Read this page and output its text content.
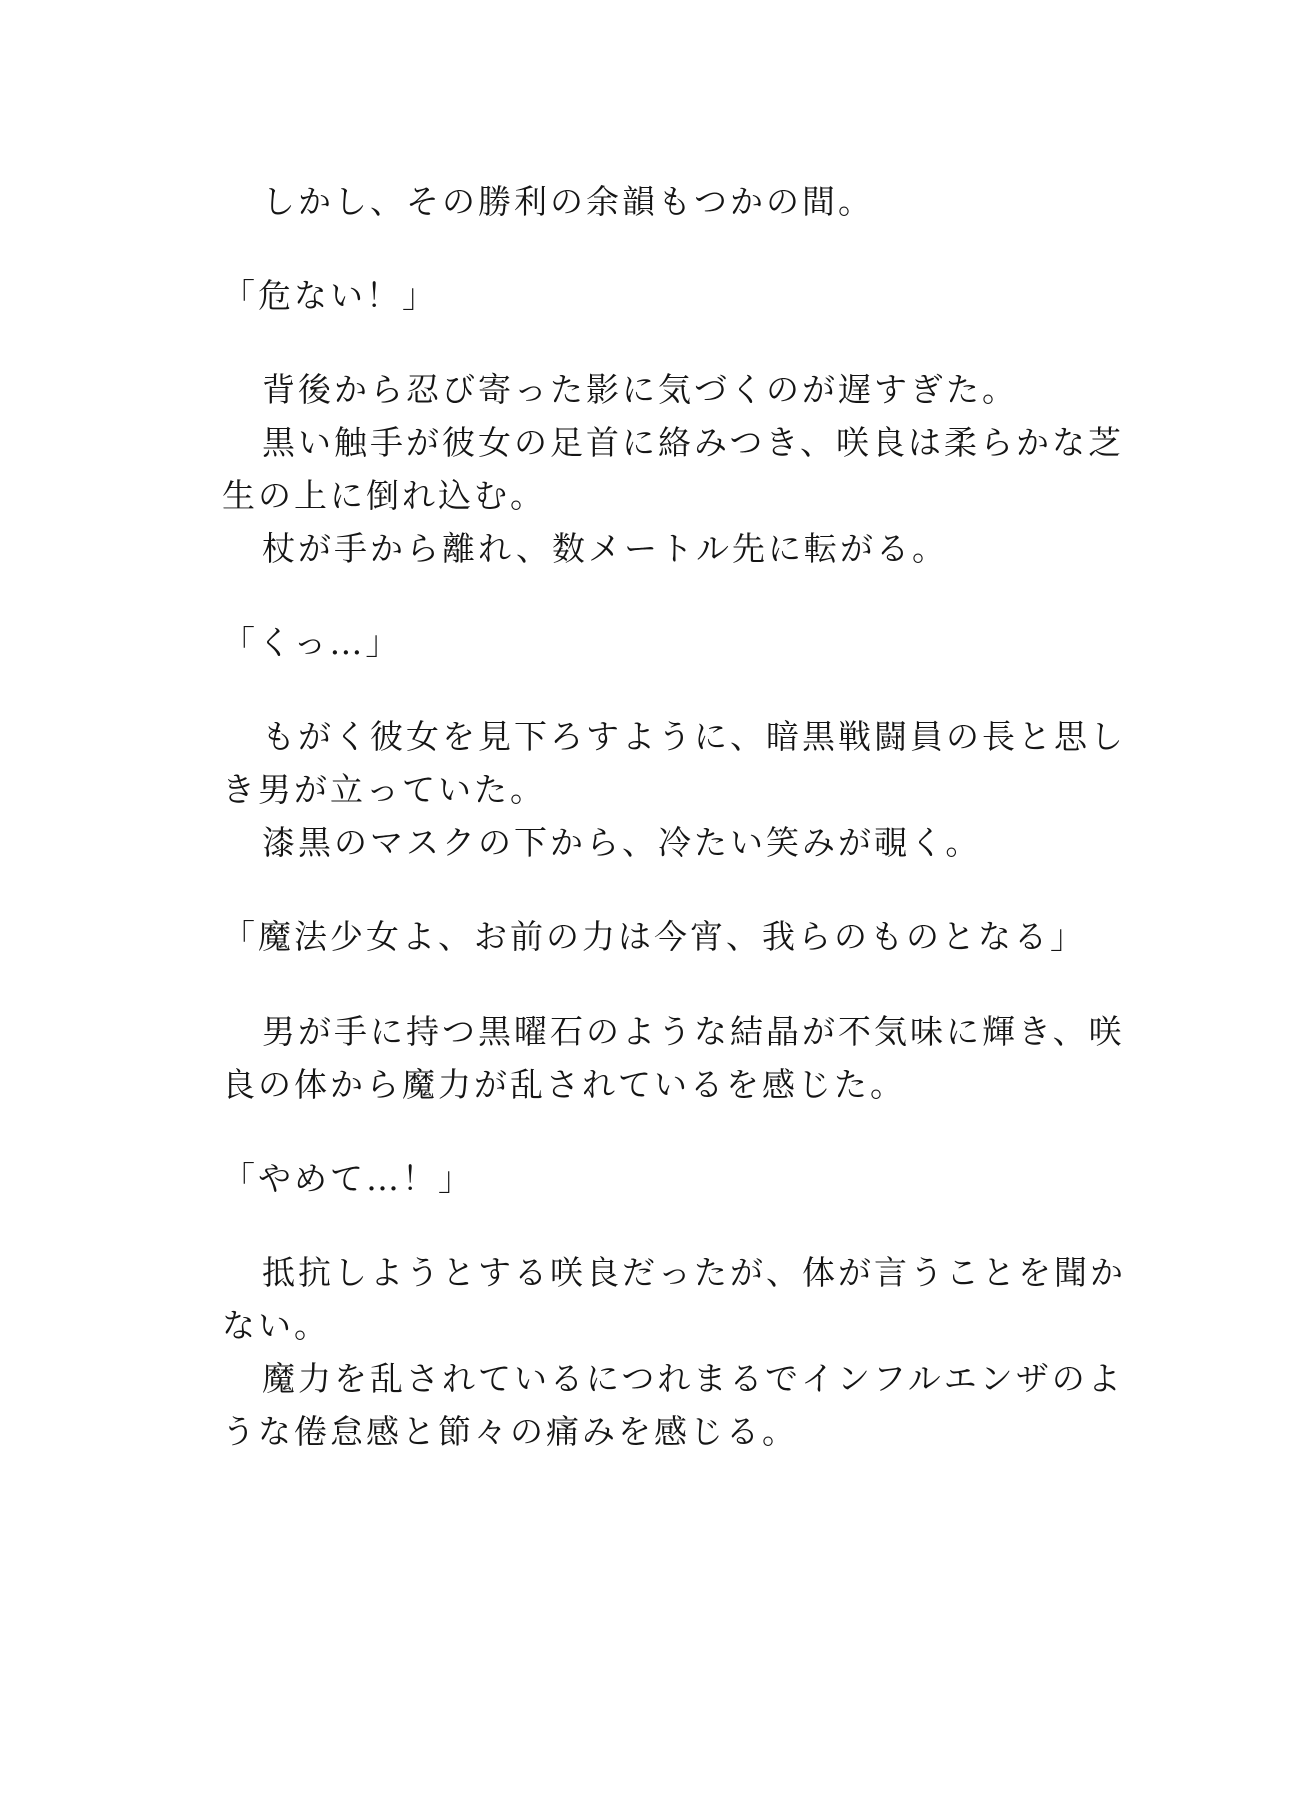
しかし、その勝利の余韻もつかの間。
「危ない！」
背後から忍び寄った影に気づくのが遅すぎた。
黒い触手が彼女の足首に絡みつき、咲良は柔らかな芝
生の上に倒れ込む。
杖が手から離れ、数メートル先に転がる。
「くっ…」
もがく彼女を見下ろすように、暗黒戦闘員の長と思し
き男が立っていた。
漆黒のマスクの下から、冷たい笑みが覗く。
「魔法少女よ、お前の力は今宵、我らのものとなる」
男が手に持つ黒曜石のような結晶が不気味に輝き、咲
良の体から魔力が乱されているを感じた。
「やめて…！」
抵抗しようとする咲良だったが、体が言うことを聞か
ない。
魔力を乱されているにつれまるでインフルエンザのよ
うな倦怠感と節々の痛みを感じる。
